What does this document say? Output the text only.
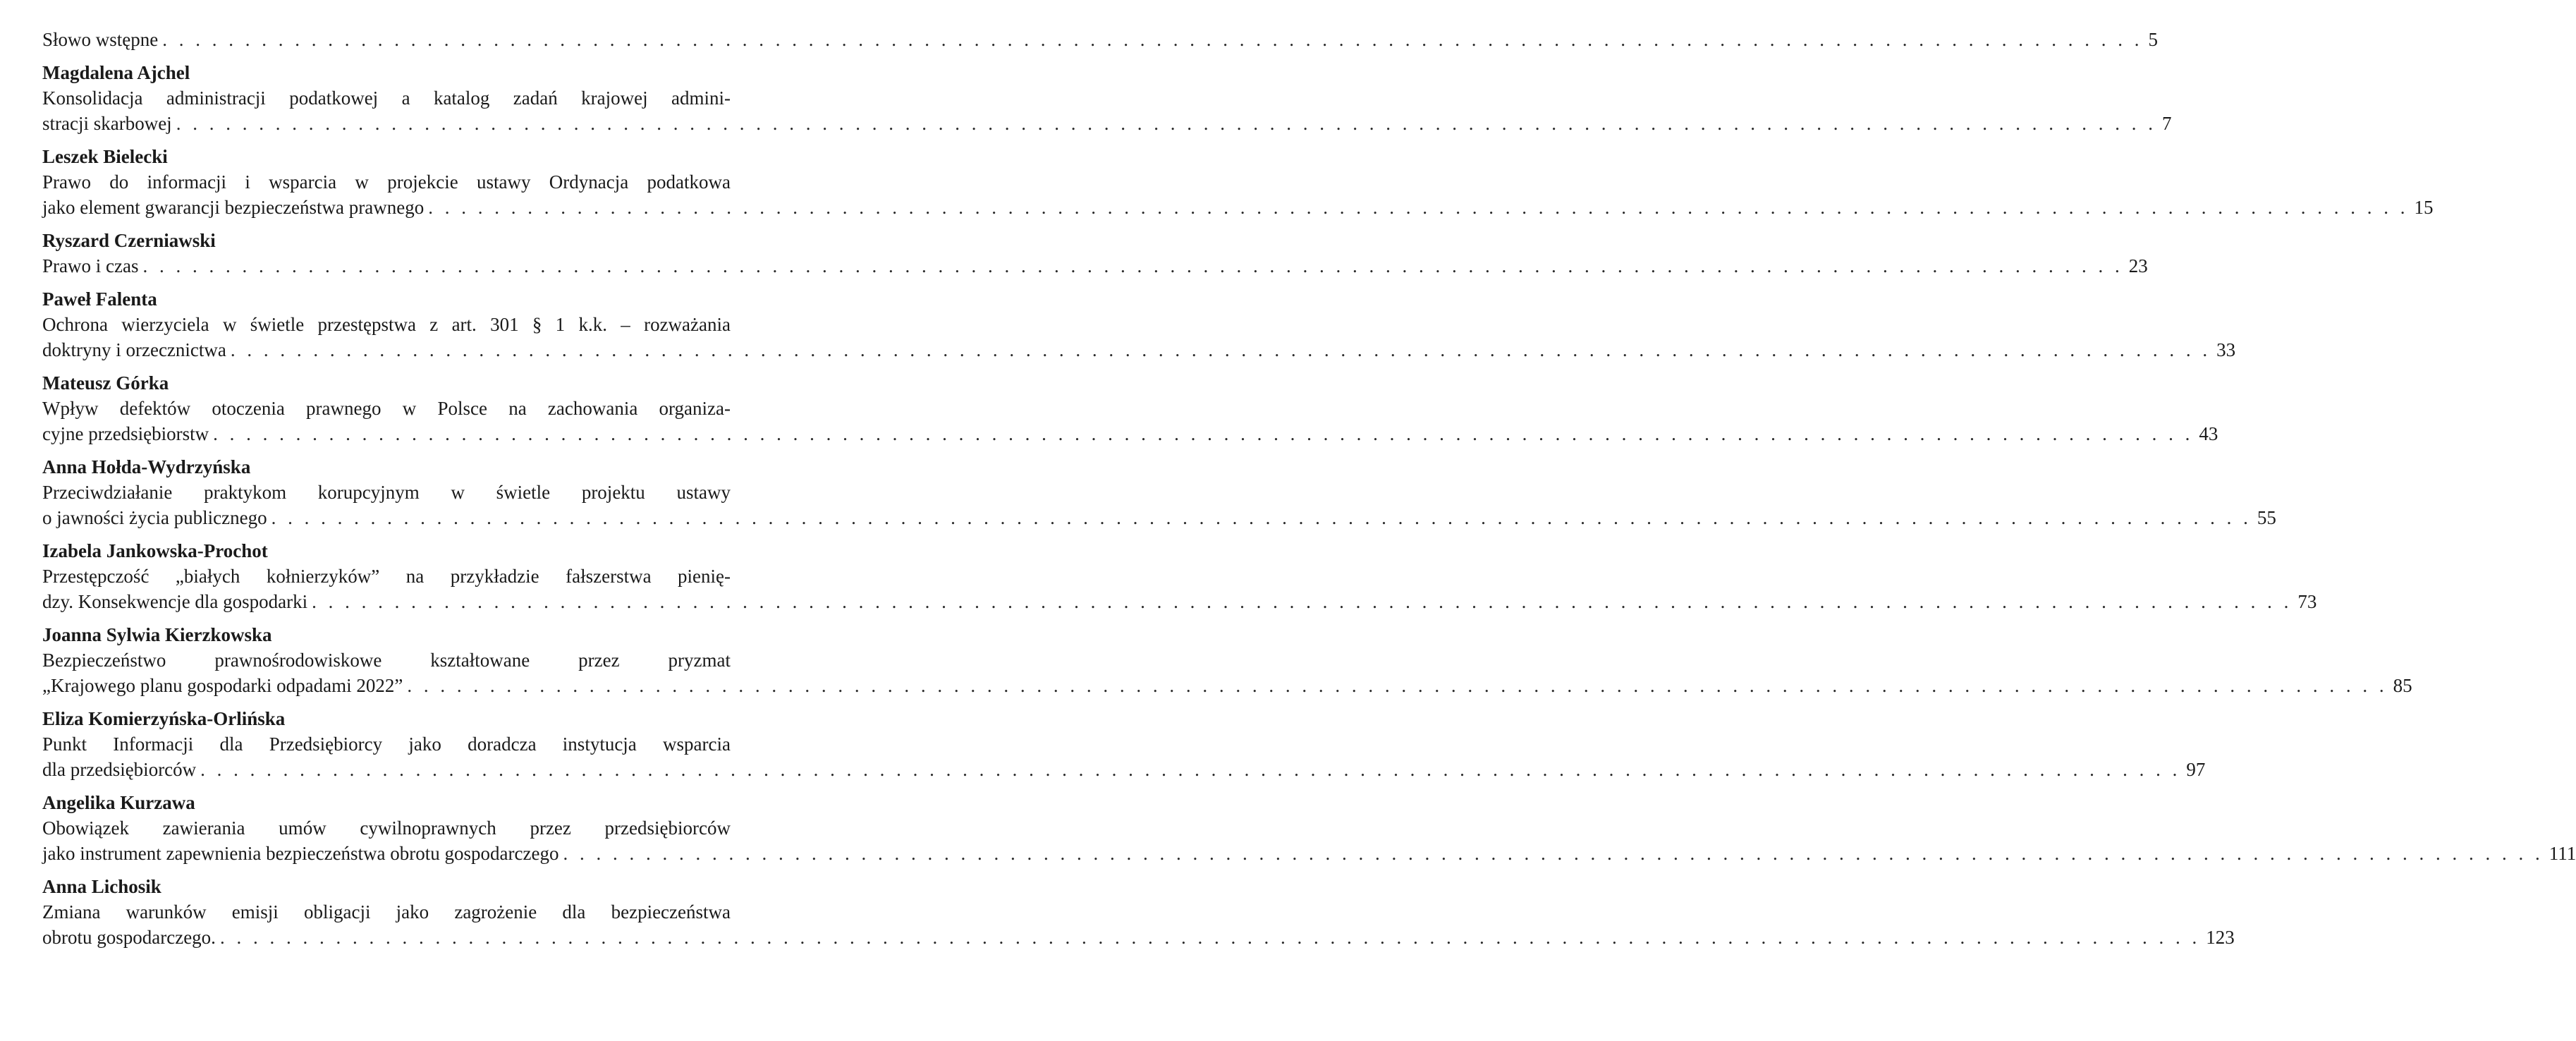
Słowo wstępne . . . . . . . . . . . . . . . . . . . . . . . . . . . . . . . . . . . . . . . . . . . . . . . . . . . . . . . . . . . . . . . . . . . . . . . . . . . . . . . . . . . . . . . . . . . . . . . . . . . . . . . . . . . . . . . . . . . . . . . . 5
Magdalena Ajchel
Konsolidacja administracji podatkowej a katalog zadań krajowej admini-
stracji skarbowej . . . . . . . . . . . . . . . . . . . . . . . . . . . . . . . . . . . . . . . . . . . . . . . . . . . . . . . . . . . . . . . . . . . . . . . . . . . . . . . . . . . . . . . . . . . . . . . . . . . . . . . . . . . . . . . . . . . . . . . . 7
Leszek Bielecki
Prawo do informacji i wsparcia w projekcie ustawy Ordynacja podatkowa
jako element gwarancji bezpieczeństwa prawnego . . . . . . . . . . . . . . . . . . . . . . . . . . . . . . . . . . . . . . . . . . . . . . . . . . . . . . . . . . . . . . . . . . . . . . . . . . . . . . . . . . . . . . . . . . . . . . . . . . . . . . . . . . . . . . . . . . . . . . . . 15
Ryszard Czerniawski
Prawo i czas . . . . . . . . . . . . . . . . . . . . . . . . . . . . . . . . . . . . . . . . . . . . . . . . . . . . . . . . . . . . . . . . . . . . . . . . . . . . . . . . . . . . . . . . . . . . . . . . . . . . . . . . . . . . . . . . . . . . . . . . 23
Paweł Falenta
Ochrona wierzyciela w świetle przestępstwa z art. 301 § 1 k.k. – rozważania
doktryny i orzecznictwa . . . . . . . . . . . . . . . . . . . . . . . . . . . . . . . . . . . . . . . . . . . . . . . . . . . . . . . . . . . . . . . . . . . . . . . . . . . . . . . . . . . . . . . . . . . . . . . . . . . . . . . . . . . . . . . . . . . . . . . . 33
Mateusz Górka
Wpływ defektów otoczenia prawnego w Polsce na zachowania organiza-
cyjne przedsiębiorstw . . . . . . . . . . . . . . . . . . . . . . . . . . . . . . . . . . . . . . . . . . . . . . . . . . . . . . . . . . . . . . . . . . . . . . . . . . . . . . . . . . . . . . . . . . . . . . . . . . . . . . . . . . . . . . . . . . . . . . . . 43
Anna Hołda-Wydrzyńska
Przeciwdziałanie praktykom korupcyjnym w świetle projektu ustawy
o jawności życia publicznego . . . . . . . . . . . . . . . . . . . . . . . . . . . . . . . . . . . . . . . . . . . . . . . . . . . . . . . . . . . . . . . . . . . . . . . . . . . . . . . . . . . . . . . . . . . . . . . . . . . . . . . . . . . . . . . . . . . . . . . . 55
Izabela Jankowska-Prochot
Przestępczość „białych kołnierzyków” na przykładzie fałszerstwa pienię-
dzy. Konsekwencje dla gospodarki . . . . . . . . . . . . . . . . . . . . . . . . . . . . . . . . . . . . . . . . . . . . . . . . . . . . . . . . . . . . . . . . . . . . . . . . . . . . . . . . . . . . . . . . . . . . . . . . . . . . . . . . . . . . . . . . . . . . . . . . 73
Joanna Sylwia Kierzkowska
Bezpieczeństwo prawnośrodowiskowe kształtowane przez pryzmat
„Krajowego planu gospodarki odpadami 2022” . . . . . . . . . . . . . . . . . . . . . . . . . . . . . . . . . . . . . . . . . . . . . . . . . . . . . . . . . . . . . . . . . . . . . . . . . . . . . . . . . . . . . . . . . . . . . . . . . . . . . . . . . . . . . . . . . . . . . . . . 85
Eliza Komierzyńska-Orlińska
Punkt Informacji dla Przedsiębiorcy jako doradcza instytucja wsparcia
dla przedsiębiorców . . . . . . . . . . . . . . . . . . . . . . . . . . . . . . . . . . . . . . . . . . . . . . . . . . . . . . . . . . . . . . . . . . . . . . . . . . . . . . . . . . . . . . . . . . . . . . . . . . . . . . . . . . . . . . . . . . . . . . . . 97
Angelika Kurzawa
Obowiązek zawierania umów cywilnoprawnych przez przedsiębiorców
jako instrument zapewnienia bezpieczeństwa obrotu gospodarczego . . . . . . . . . . . . . . . . . . . . . . . . . . . . . . . . . . . . . . . . . . . . . . . . . . . . . . . . . . . . . . . . . . . . . . . . . . . . . . . . . . . . . . . . . . . . . . . . . . . . . . . . . . . . . . . . . . . . . . . . 111
Anna Lichosik
Zmiana warunków emisji obligacji jako zagrożenie dla bezpieczeństwa
obrotu gospodarczego. . . . . . . . . . . . . . . . . . . . . . . . . . . . . . . . . . . . . . . . . . . . . . . . . . . . . . . . . . . . . . . . . . . . . . . . . . . . . . . . . . . . . . . . . . . . . . . . . . . . . . . . . . . . . . . . . . . . . . . . . 123
